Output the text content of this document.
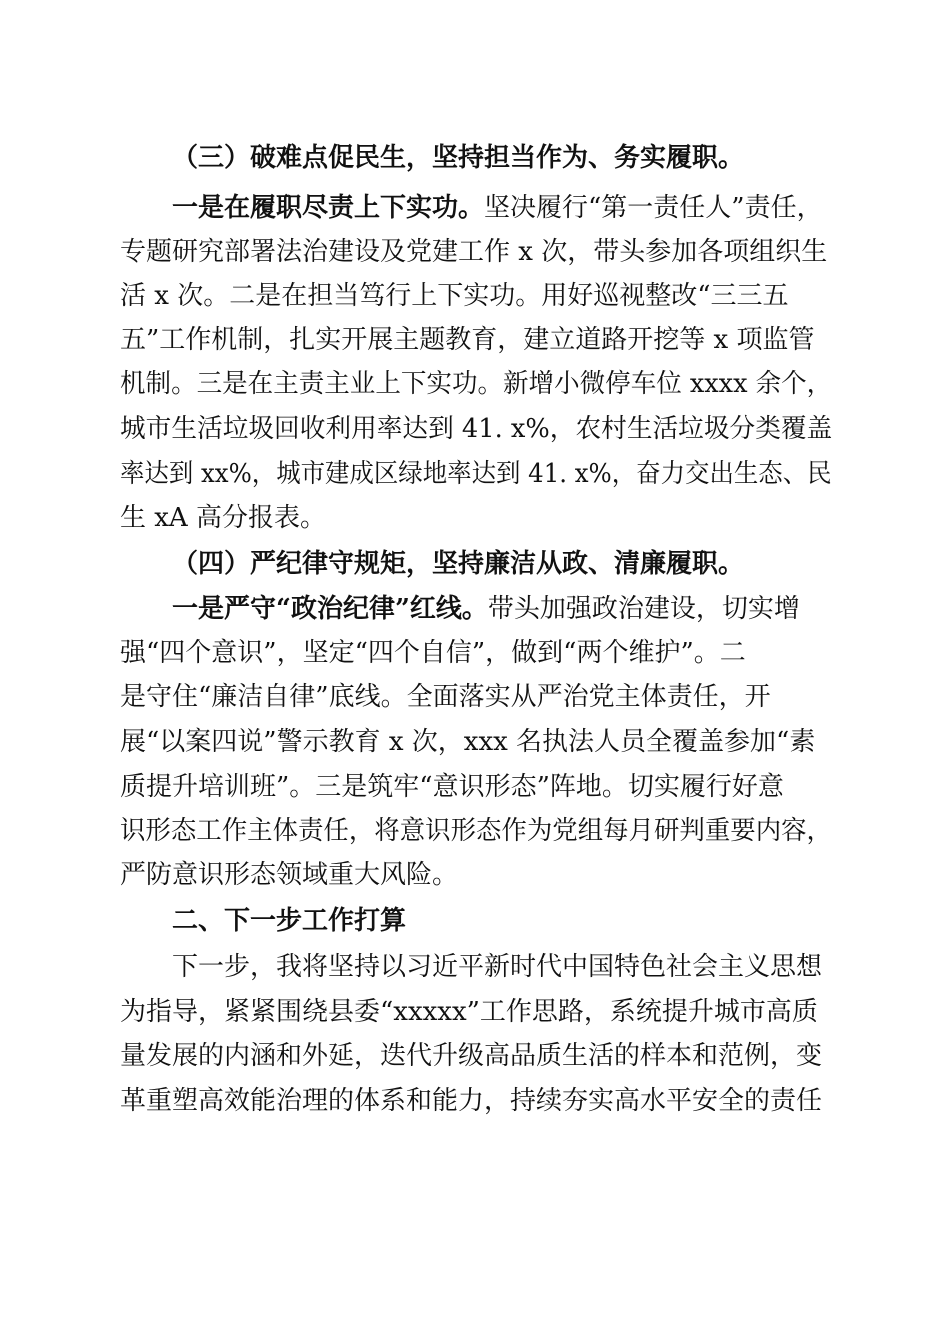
（三）破难点促民生，坚持担当作为、务实履职。
一是在履职尽责上下实功。坚决履行“第一责任人”责任，
专题研究部署法治建设及党建工作 x 次，带头参加各项组织生
活 x 次。二是在担当笃行上下实功。用好巡视整改“三三五
五”工作机制，扎实开展主题教育，建立道路开挖等 x 项监管
机制。三是在主责主业上下实功。新增小微停车位 xxxx 余个，
城市生活垃圾回收利用率达到 41. x%，农村生活垃圾分类覆盖
率达到 xx%，城市建成区绿地率达到 41. x%，奋力交出生态、民
生 xA 高分报表。
（四）严纪律守规矩，坚持廉洁从政、清廉履职。
一是严守“政治纪律”红线。带头加强政治建设，切实增
强“四个意识”，坚定“四个自信”，做到“两个维护”。二
是守住“廉洁自律”底线。全面落实从严治党主体责任，开
展“以案四说”警示教育 x 次，xxx 名执法人员全覆盖参加“素
质提升培训班”。三是筑牢“意识形态”阵地。切实履行好意
识形态工作主体责任，将意识形态作为党组每月研判重要内容，
严防意识形态领域重大风险。
二、下一步工作打算
下一步，我将坚持以习近平新时代中国特色社会主义思想
为指导，紧紧围绕县委“xxxxx”工作思路，系统提升城市高质
量发展的内涵和外延，迭代升级高品质生活的样本和范例，变
革重塑高效能治理的体系和能力，持续夯实高水平安全的责任
